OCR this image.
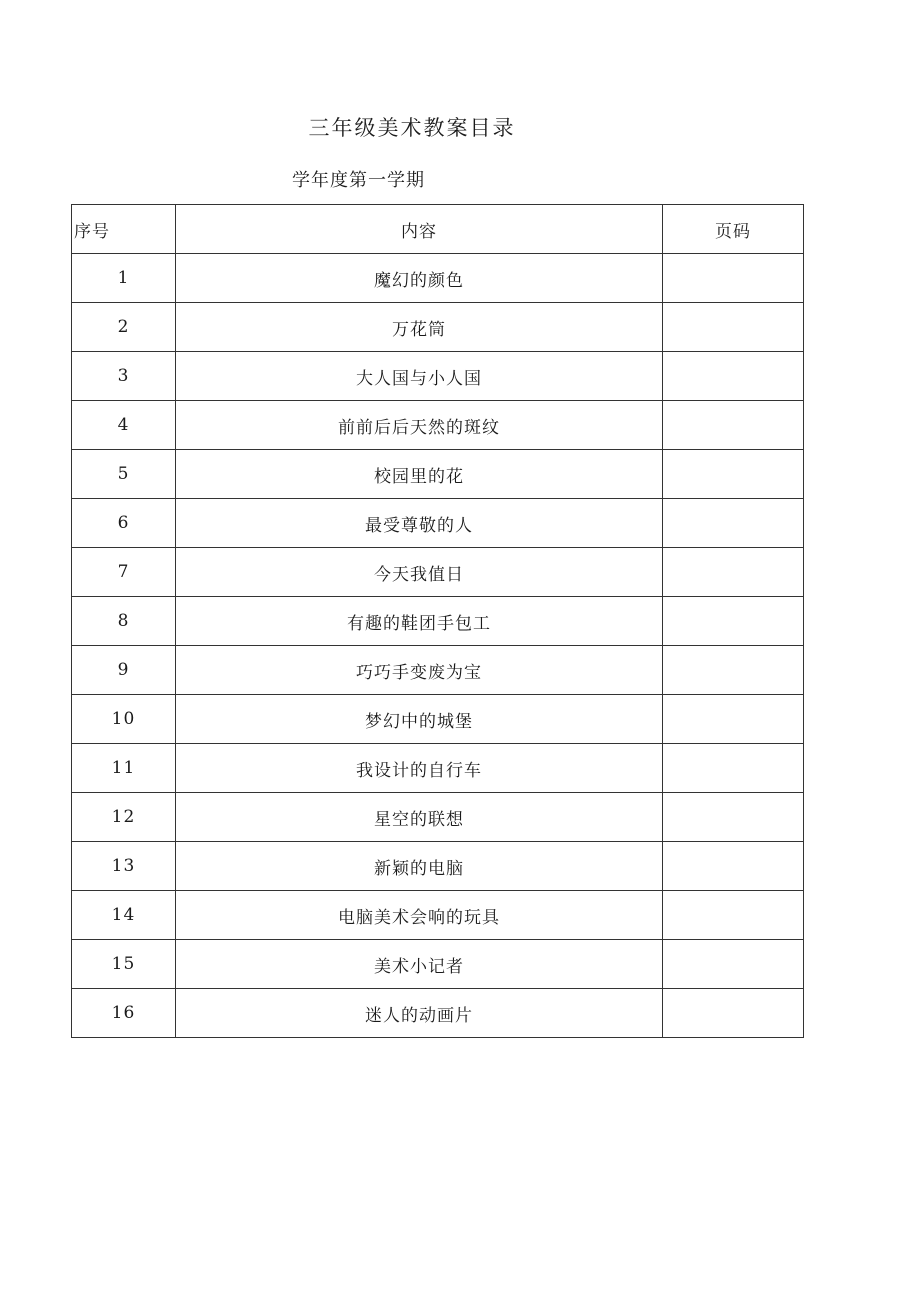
三年级美术教案目录
学年度第一学期
序号	内容	页码
1	魔幻的颜色	
2	万花筒	
3	大人国与小人国	
4	前前后后天然的斑纹	
5	校园里的花	
6	最受尊敬的人	
7	今天我值日	
8	有趣的鞋团手包工	
9	巧巧手变废为宝	
10	梦幻中的城堡	
11	我设计的自行车	
12	星空的联想	
13	新颖的电脑	
14	电脑美术会响的玩具	
15	美术小记者	
16	迷人的动画片	
